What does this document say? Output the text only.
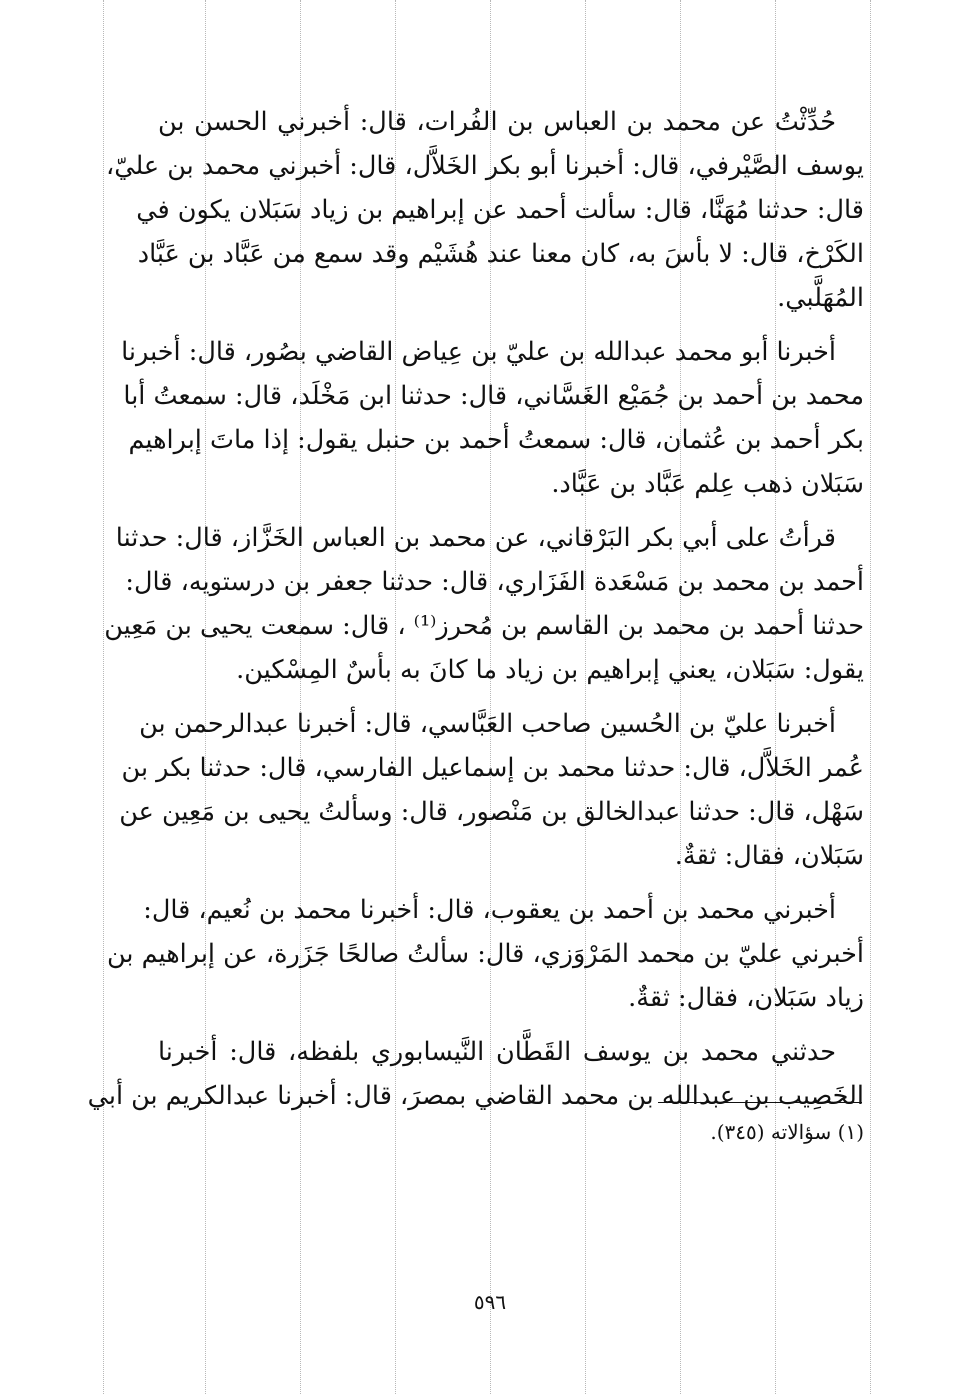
حُدِّثْتُ عن محمد بن العباس بن الفُرات، قال: أخبرني الحسن بن
يوسف الصَّيْرفي، قال: أخبرنا أبو بكر الخَلاَّل، قال: أخبرني محمد بن عليّ،
قال: حدثنا مُهَنَّا، قال: سألت أحمد عن إبراهيم بن زياد سَبَلان يكون في
الكَرْخ، قال: لا بأسَ به، كان معنا عند هُشَيْم وقد سمع من عَبَّاد بن عَبَّاد
المُهَلَّبي.

أخبرنا أبو محمد عبدالله بن عليّ بن عِياض القاضي بصُور، قال: أخبرنا
محمد بن أحمد بن جُمَيْع الغَسَّاني، قال: حدثنا ابن مَخْلَد، قال: سمعتُ أبا
بكر أحمد بن عُثمان، قال: سمعتُ أحمد بن حنبل يقول: إذا ماتَ إبراهيم
سَبَلان ذهب عِلم عَبَّاد بن عَبَّاد.

قرأتُ على أبي بكر البَرْقاني، عن محمد بن العباس الخَزَّاز، قال: حدثنا
أحمد بن محمد بن مَسْعَدة الفَزَاري، قال: حدثنا جعفر بن درستويه، قال:
حدثنا أحمد بن محمد بن القاسم بن مُحرز⁽¹⁾ ، قال: سمعت يحيى بن مَعِين
يقول: سَبَلان، يعني إبراهيم بن زياد ما كانَ به بأسٌ المِسْكين.

أخبرنا عليّ بن الحُسين صاحب العَبَّاسي، قال: أخبرنا عبدالرحمن بن
عُمر الخَلاَّل، قال: حدثنا محمد بن إسماعيل الفارسي، قال: حدثنا بكر بن
سَهْل، قال: حدثنا عبدالخالق بن مَنْصور، قال: وسألتُ يحيى بن مَعِين عن
سَبَلان، فقال: ثقةٌ.

أخبرني محمد بن أحمد بن يعقوب، قال: أخبرنا محمد بن نُعيم، قال:
أخبرني عليّ بن محمد المَرْوَزي، قال: سألتُ صالحًا جَزَرة، عن إبراهيم بن
زياد سَبَلان، فقال: ثقةٌ.

حدثني محمد بن يوسف القَطَّان النَّيسابوري بلفظه، قال: أخبرنا
الخَصِيب بن عبدالله بن محمد القاضي بمصرَ، قال: أخبرنا عبدالكريم بن أبي

(١) سؤالاته (٣٤٥).
٥٩٦
